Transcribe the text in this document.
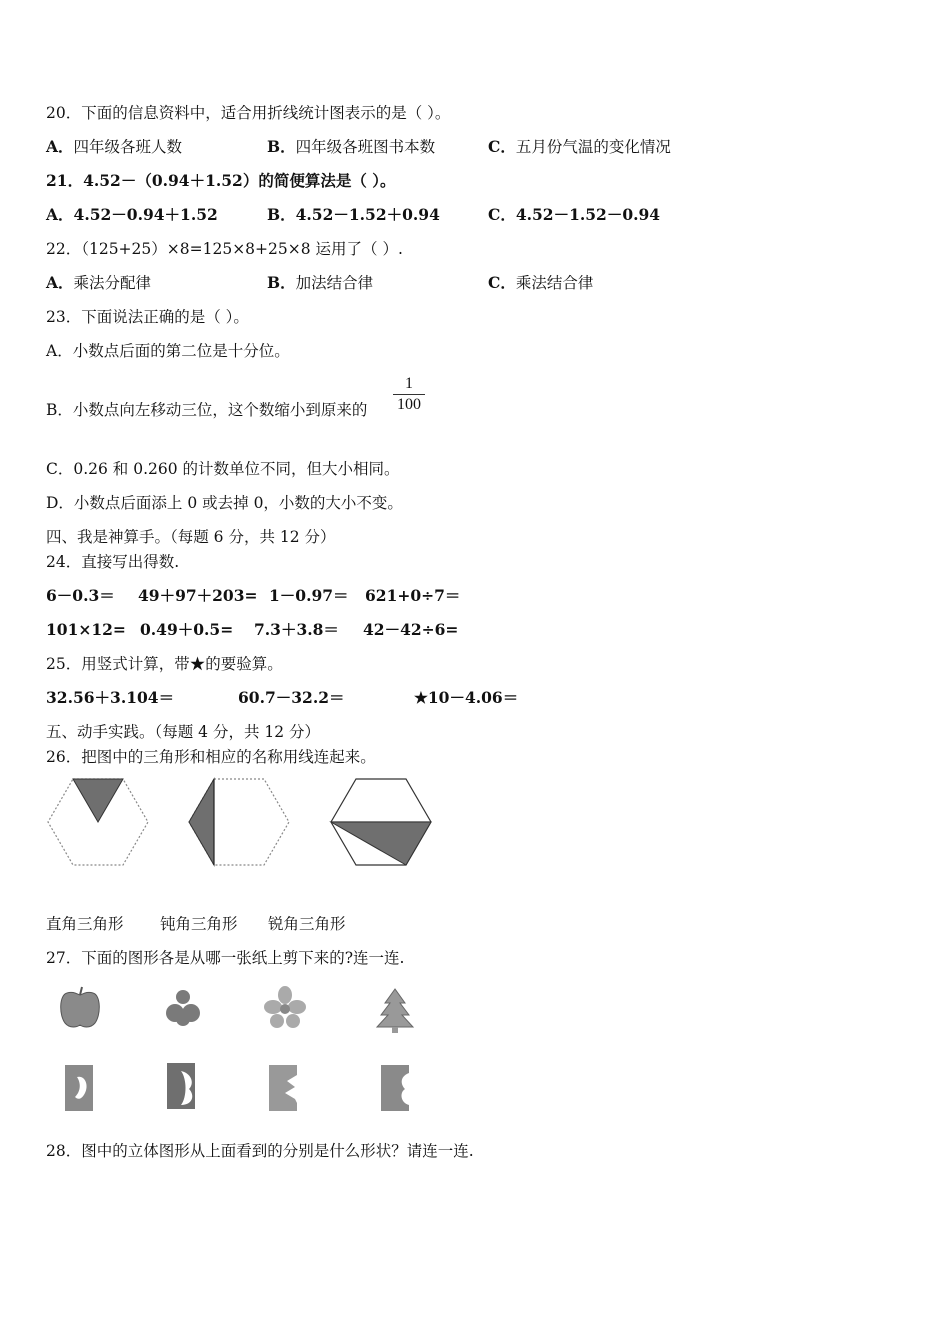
20．下面的信息资料中，适合用折线统计图表示的是（ ）。
A．四年级各班人数	B．四年级各班图书本数	C．五月份气温的变化情况
21．4.52－（0.94＋1.52）的简便算法是（ ）。
A．4.52－0.94＋1.52	B．4.52－1.52＋0.94	C．4.52－1.52－0.94
22．（125+25）×8=125×8+25×8 运用了（ ）.
A．乘法分配律	B．加法结合律	C．乘法结合律
23．下面说法正确的是（ ）。
A．小数点后面的第二位是十分位。
B．小数点向左移动三位，这个数缩小到原来的
1
100
C．0.26 和 0.260 的计数单位不同，但大小相同。
D．小数点后面添上 0 或去掉 0，小数的大小不变。
四、我是神算手。（每题 6 分，共 12 分）
24．直接写出得数.
6－0.3＝ 49＋97＋203= 1－0.97＝ 621+0÷7＝
101×12= 0.49＋0.5= 7.3＋3.8＝ 42－42÷6=
25．用竖式计算，带★的要验算。
32.56＋3.104＝	60.7－32.2＝	★10－4.06＝
五、动手实践。（每题 4 分，共 12 分）
26．把图中的三角形和相应的名称用线连起来。
直角三角形 钝角三角形 锐角三角形
27．下面的图形各是从哪一张纸上剪下来的?连一连.
28．图中的立体图形从上面看到的分别是什么形状？请连一连.
